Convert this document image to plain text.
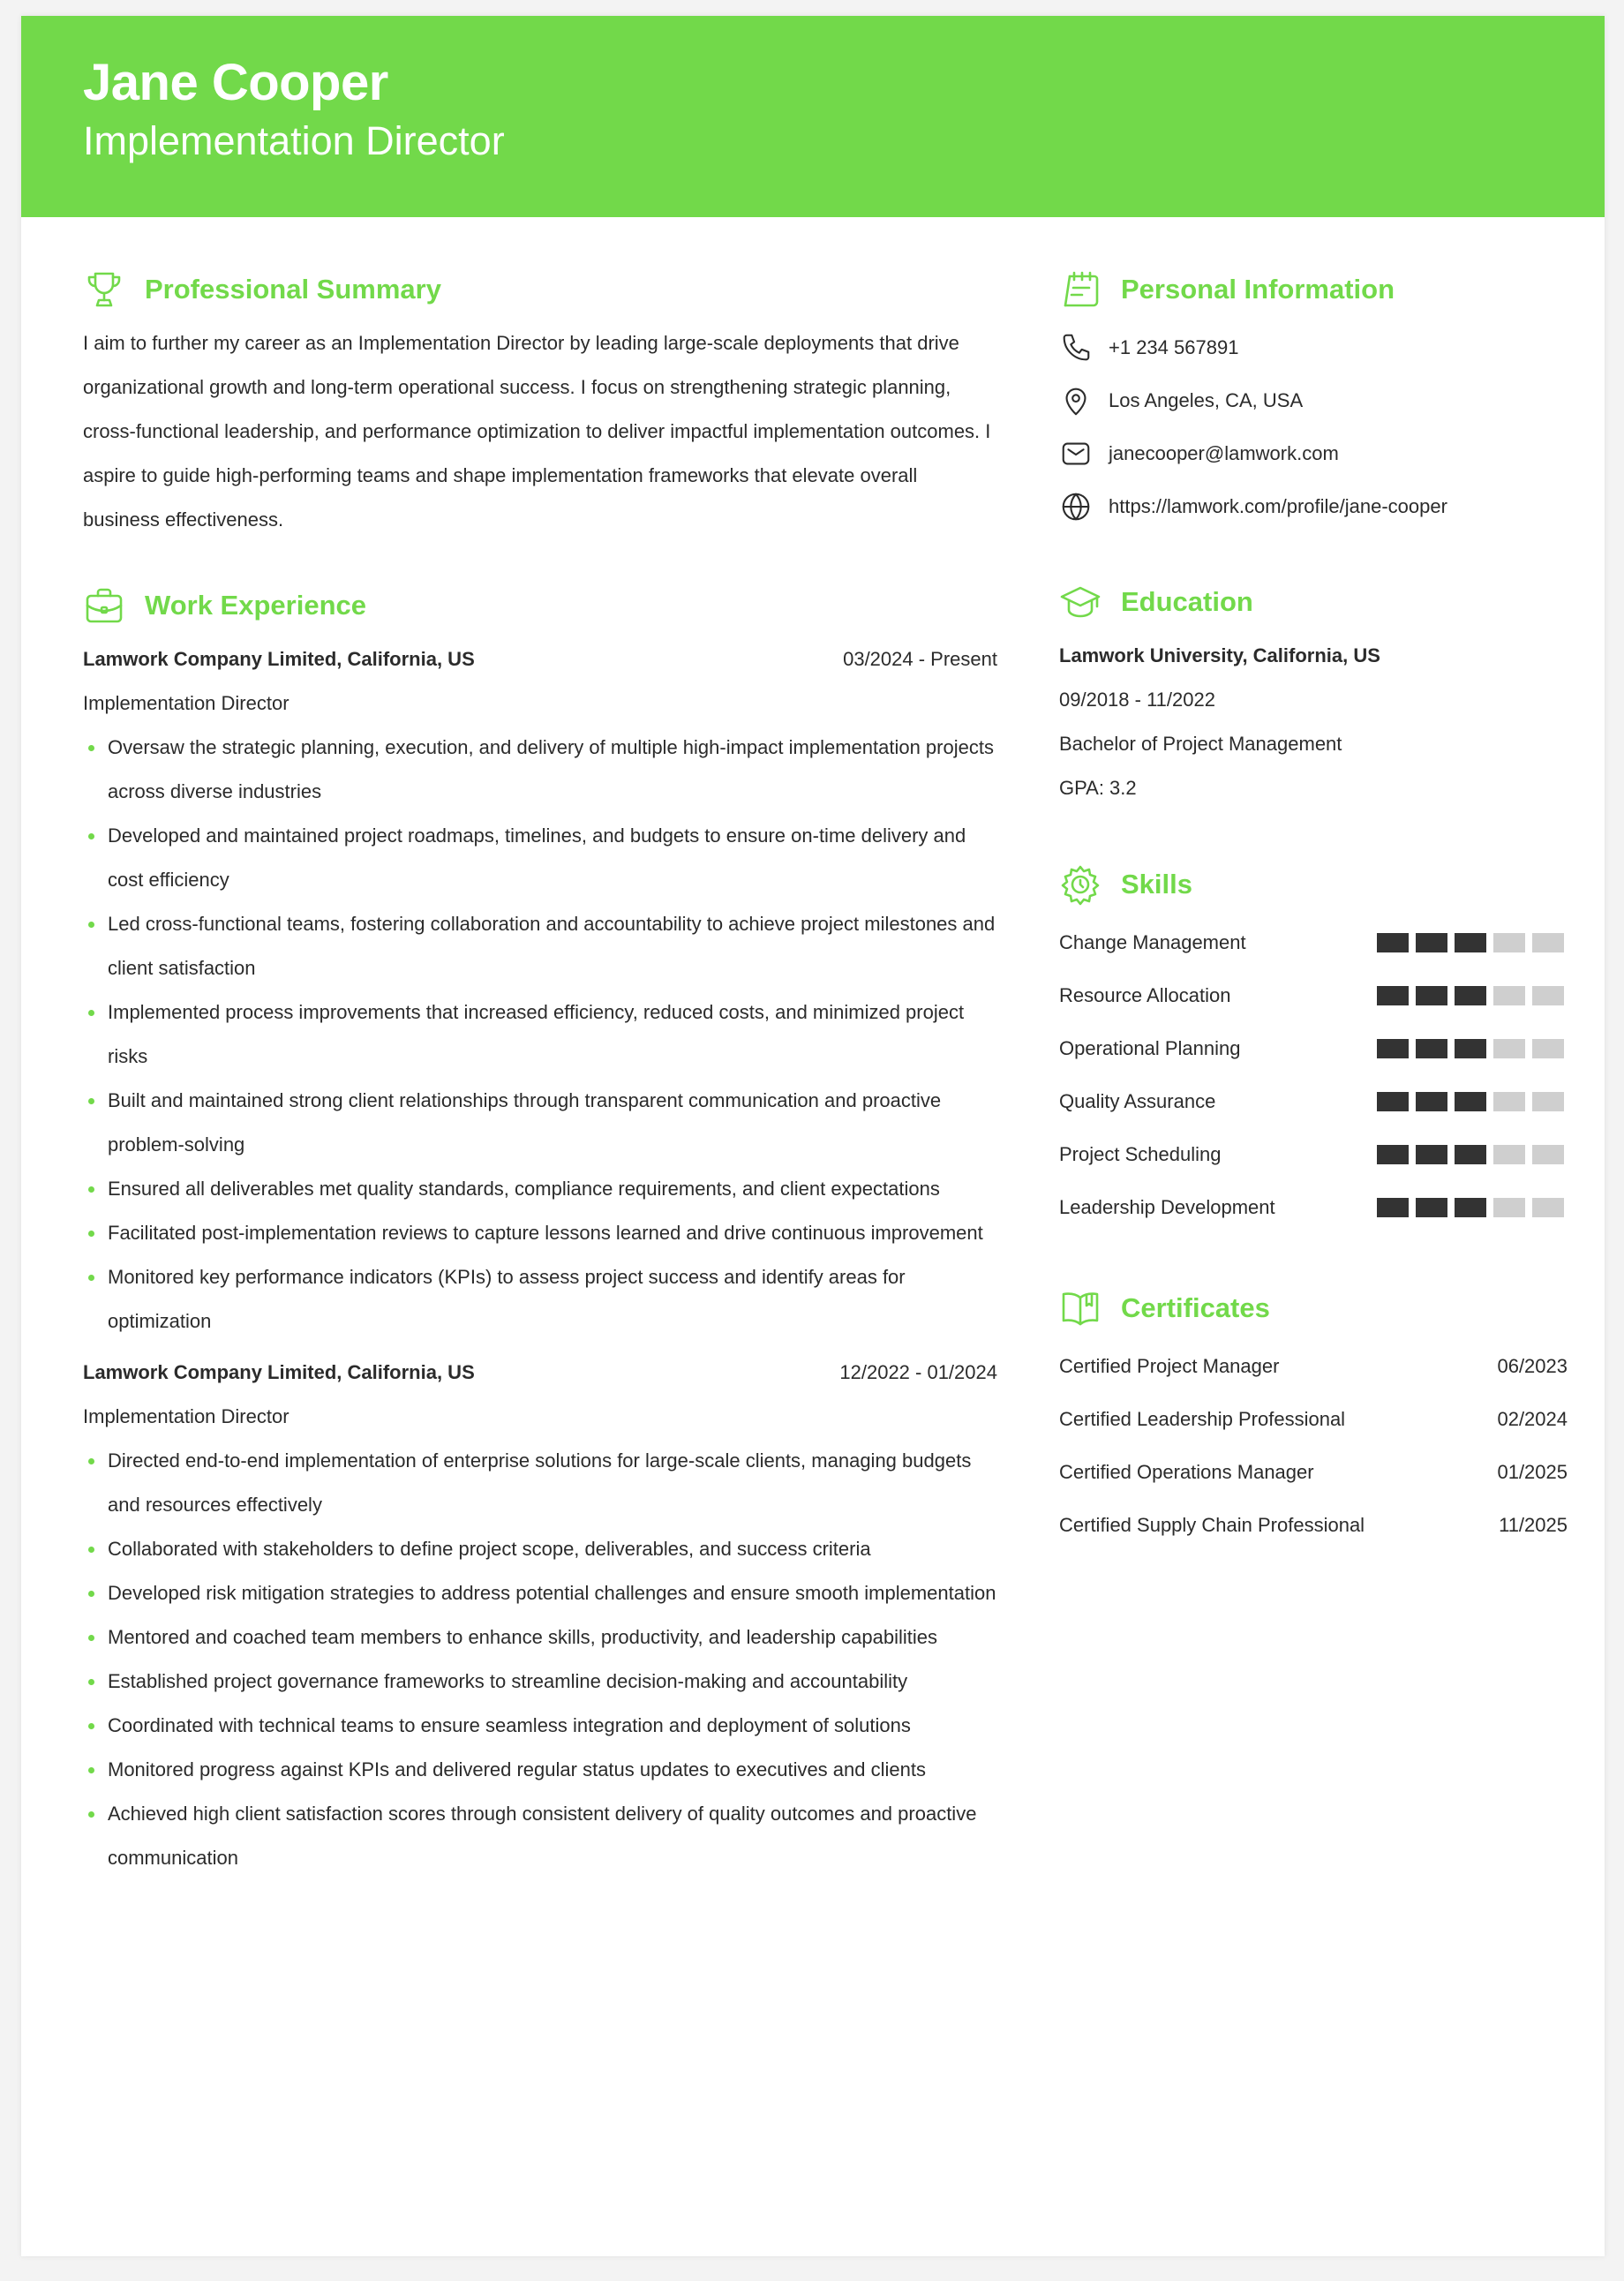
Jane Cooper
Implementation Director
Professional Summary
I aim to further my career as an Implementation Director by leading large-scale deployments that drive organizational growth and long-term operational success. I focus on strengthening strategic planning, cross-functional leadership, and performance optimization to deliver impactful implementation outcomes. I aspire to guide high-performing teams and shape implementation frameworks that elevate overall business effectiveness.
Work Experience
Lamwork Company Limited, California, US	03/2024 - Present
Implementation Director
Oversaw the strategic planning, execution, and delivery of multiple high-impact implementation projects across diverse industries
Developed and maintained project roadmaps, timelines, and budgets to ensure on-time delivery and cost efficiency
Led cross-functional teams, fostering collaboration and accountability to achieve project milestones and client satisfaction
Implemented process improvements that increased efficiency, reduced costs, and minimized project risks
Built and maintained strong client relationships through transparent communication and proactive problem-solving
Ensured all deliverables met quality standards, compliance requirements, and client expectations
Facilitated post-implementation reviews to capture lessons learned and drive continuous improvement
Monitored key performance indicators (KPIs) to assess project success and identify areas for optimization
Lamwork Company Limited, California, US	12/2022 - 01/2024
Implementation Director
Directed end-to-end implementation of enterprise solutions for large-scale clients, managing budgets and resources effectively
Collaborated with stakeholders to define project scope, deliverables, and success criteria
Developed risk mitigation strategies to address potential challenges and ensure smooth implementation
Mentored and coached team members to enhance skills, productivity, and leadership capabilities
Established project governance frameworks to streamline decision-making and accountability
Coordinated with technical teams to ensure seamless integration and deployment of solutions
Monitored progress against KPIs and delivered regular status updates to executives and clients
Achieved high client satisfaction scores through consistent delivery of quality outcomes and proactive communication
Personal Information
+1 234 567891
Los Angeles, CA, USA
janecooper@lamwork.com
https://lamwork.com/profile/jane-cooper
Education
Lamwork University, California, US
09/2018 - 11/2022
Bachelor of Project Management
GPA: 3.2
Skills
Change Management
Resource Allocation
Operational Planning
Quality Assurance
Project Scheduling
Leadership Development
Certificates
Certified Project Manager	06/2023
Certified Leadership Professional	02/2024
Certified Operations Manager	01/2025
Certified Supply Chain Professional	11/2025
